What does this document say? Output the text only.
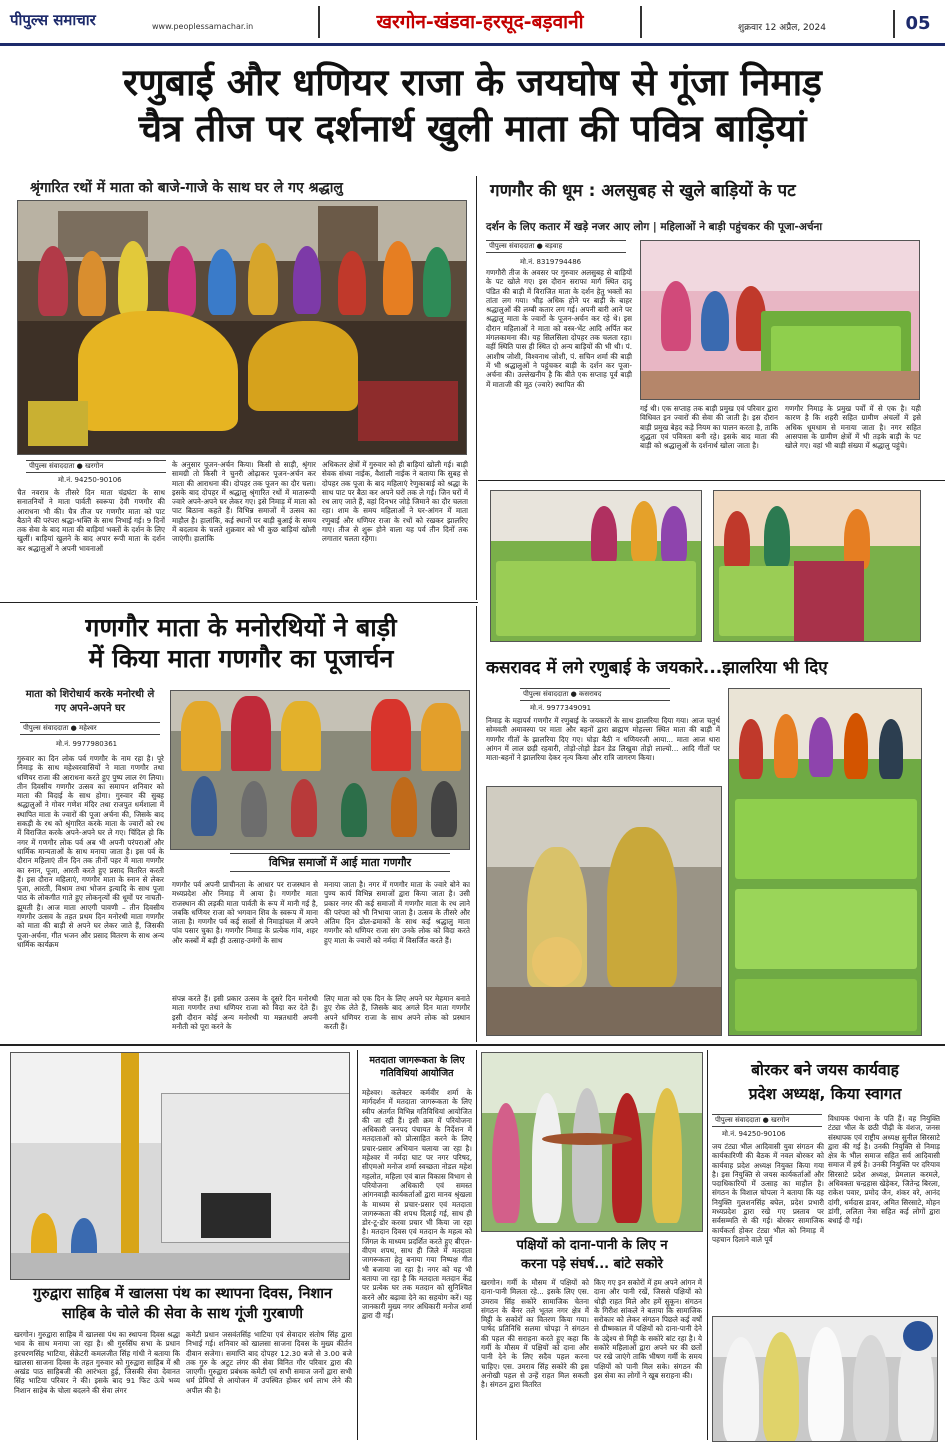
पीपुल्स समाचार	www.peoplessamachar.in	खरगोन-खंडवा-हरसूद-बड़वानी	शुक्रवार 12 अप्रैल, 2024	05
रणुबाई और धणियर राजा के जयघोष से गूंजा निमाड़
चैत्र तीज पर दर्शनार्थ खुली माता की पवित्र बाड़ियां
श्रृंगारित रथों में माता को बाजे-गाजे के साथ घर ले गए श्रद्धालु
पीपुल्स संवाददाता ● खरगोन
मो.नं. 94250-90106
चैत नवरात्र के तीसरे दिन माता चंद्रघंटा के साथ सनातनियों ने माता पार्वती स्वरूपा देवी गणगौर की आराधना भी की। चैत्र तीज पर गणगौर माता को पाट बैठाने की परंपरा श्रद्धा-भक्ति के साथ निभाई गई। 9 दिनों तक सेवा के बाद माता की बाड़ियां भक्तों के दर्शन के लिए खुलीं। बाड़ियां खुलने के बाद अपार रूपी माता के दर्शन कर श्रद्धालुओं ने अपनी भावनाओं
के अनुसार पूजन-अर्चन किया। किसी से साड़ी, श्रृंगार सामग्री तो किसी ने चुनरी ओढ़ाकर पूजन-अर्चन कर माता की आराधना की। दोपहर तक पूजन का दौर चला। इसके बाद दोपहर में श्रद्धालु श्रृंगारित रथों में मातारूपी ज्वारे अपने-अपने घर लेकर गए। इसे निमाड़ में माता को पाट बिठाना कहते हैं। विभिन्न समाजों में उत्सव का माहौल है। हालांकि, कई स्थानों पर बाड़ी बुआई के समय में बदलाव के चलते शुक्रवार को भी कुछ बाड़ियां खोली जाएंगी। हालांकि
अधिकतर क्षेत्रों में गुरुवार को ही बाड़ियां खोली गई। बाड़ी सेवक संध्या नाईक, वैशाली नाईक ने बताया कि सुबह से दोपहर तक पूजा के बाद महिलाएं रेणुकाबाई को श्रद्धा के साथ पाट पर बैठा कर अपने घरों तक ले गई। जिन घरों में रथ लाए जाते हैं, वहां दिनभर जोड़े जिमाने का दौर चलता रहा। शाम के समय महिलाओं ने घर-आंगन में माता रणुबाई और धणियर राजा के रथों को रखकर झालरिए गाए। तीज से शुरू होने वाला यह पर्व तीन दिनों तक लगातार चलता रहेगा।
गणगौर की धूम : अलसुबह से खुले बाड़ियों के पट
दर्शन के लिए कतार में खड़े नजर आए लोग | महिलाओं ने बाड़ी पहुंचकर की पूजा-अर्चना
पीपुल्स संवाददाता ● बड़वाह
मो.नं. 8319794486
गणगौरी तीज के अवसर पर गुरुवार अलसुबह से बाड़ियों के पट खोले गए। इस दौरान सराफा मार्ग स्थित दादू पंडित की बाड़ी में विराजित माता के दर्शन हेतु भक्तों का तांता लग गया। भीड़ अधिक होने पर बाड़ी के बाहर श्रद्धालुओं की लम्बी कतार लग गई। अपनी बारी आने पर श्रद्धालु माता के ज्वारों के पूजन-अर्चन कर रहे थे। इस दौरान महिलाओं ने माता को वस्त्र-भेंट आदि अर्पित कर मंगलकामना की। यह सिलसिला दोपहर तक चलता रहा। वहीं स्थिति पास ही स्थित दो अन्य बाड़ियों की भी थी। पं. आशीष जोशी, विश्वनाथ जोशी, पं. सचिन शर्मा की बाड़ी में भी श्रद्धालुओं ने पहुंचकर बाड़ी के दर्शन कर पूजा-अर्चना की। उल्लेखनीय है कि बीते एक सप्ताह पूर्व बाड़ी में माताजी की मूठ (ज्वारे) स्थापित की
गई थी। एक सप्ताह तक बाड़ी प्रमुख एवं परिवार द्वारा विधिवत इन ज्वारों की सेवा की जाती है। इस दौरान बाड़ी प्रमुख बेहद कड़े नियम का पालन करता है, ताकि शुद्धता एवं पवित्रता बनी रहे। इसके बाद माता की बाड़ी को श्रद्धालुओं के दर्शनार्थ खोला जाता है।
गणगौर निमाड़ के प्रमुख पर्वों में से एक है। यही कारण है कि शहरी सहित ग्रामीण अंचलों में इसे अधिक धूमधाम से मनाया जाता है। नगर सहित आसपास के ग्रामीण क्षेत्रों में भी तड़के बाड़ी के पट खोले गए। वहां भी बाड़ी संख्या में श्रद्धालु पहुंचे।
कसरावद में लगे रणुबाई के जयकारे...झालरिया भी दिए
गणगौर माता के मनोरथियों ने बाड़ी
में किया माता गणगौर का पूजार्चन
माता को शिरोधार्य करके मनोरथी ले गए अपने-अपने घर
पीपुल्स संवाददाता ● महेश्वर
मो.नं. 9977980361
गुरुवार का दिन लोक पर्व गणगौर के नाम रहा है। पूरे निमाड़ के साथ महेश्वरवासियों ने माता गणगौर तथा धणियर राजा की आराधना करते हुए पुष्प लाल रंग लिया। तीन दिवसीय गणगौर उत्सव का समापन शनिवार को माता की विदाई के साथ होगा। गुरुवार की सुबह श्रद्धालुओं ने गोवर गणेश मंदिर तथा राजपुत धर्मशाला में स्थापित माता के ज्वारों की पूजा अर्चना की, जिसके बाद सकड़ी के रथ को श्रृंगारित करके माता के ज्वारों को रथ में विराजित करके अपने-अपने घर ले गए। चिंदिल हो कि नगर में गणगौर लोक पर्व अब भी अपनी परंपराओं और धार्मिक मान्यताओं के साथ मनाया जाता है। इस पर्व के दौरान महिलाएं तीन दिन तक तीनों पहर में माता गणगौर का स्नान, पूजा, आरती करते हुए प्रसाद वितरित करती हैं। इस दौरान महिलाएं, गणगौर माता के स्नान से लेकर पूजा, आरती, विश्राम तथा भोजन इत्यादि के साथ पूजा पाठ के लोकगीत गाते हुए लोकनृत्यों की धूमों पर नाचती-झूमती है। आज माता आएगी पावणी – तीन दिवसीय गणगौर उत्सव के तहत प्रथम दिन मनोरथी माता गणगौर को माता की बाड़ी से अपने घर लेकर जाते हैं, जिसकी पूजा-अर्चना, गीत भजन और प्रसाद वितरण के साथ अन्य धार्मिक कार्यक्रम
विभिन्न समाजों में आई माता गणगौर
गणगौर पर्व अपनी प्राचीनता के आधार पर राजस्थान से मध्यप्रदेश और निमाड़ में आया है। गणगौर माता राजस्थान की लड़की माता पार्वती के रूप में मानी गई है, जबकि धणियर राजा को भगवान शिव के स्वरूप में माना जाता है। गणगौर पर्व कई सालों से निमाड़ांचल में अपने पांव पसार चुका है। गणगौर निमाड़ के प्रत्येक गांव, शहर और कस्बों में बड़ी ही उत्साह-उमंगों के साथ
मनाया जाता है। नगर में गणगौर माता के ज्वारे बोने का पुण्य कार्य विभिन्न समाजों द्वारा किया जाता है। उसी प्रकार नगर की कई समाजों में गणगौर माता के रथ लाने की परंपरा को भी निभाया जाता है। उत्सव के तीसरे और अंतिम दिन ढोल-ढमाकों के साथ कई श्रद्धालु माता गणगौर को धणियर राजा संग उनके लोक को विदा करते हुए माता के ज्वारों को नर्मदा में विसर्जित करते हैं।
संपन्न करते हैं। इसी प्रकार उत्सव के दूसरे दिन मनोरथी माता गणगौर तथा धणियर राजा को विदा कर देते हैं। इसी दौरान कोई अन्य मनोरथी या मन्नतधारी अपनी मनौती को पूरा करने के
लिए माता को एक दिन के लिए अपने घर मेहमान बनाते हुए रोक लेते हैं, जिसके बाद अगले दिन माता गणगौर अपने धणियर राजा के साथ अपने लोक को प्रस्थान करती हैं।
पीपुल्स संवाददाता ● कसरावद
मो.नं. 9977349091
निमाड़ के महापर्व गणगौर में रणुबाई के जयकारों के साथ झालरिया दिया गया। आज चतुर्थ सोमवती अमावस्या पर माता और बहनों द्वारा ब्राह्मण मोहल्ला स्थित माता की बाड़ी में गणगौर गीतों के झालरिया दिए गए। घोड़ा बैठी न धणियरजी आया... माता आज थारा आंगन में लाल छड़ी रहवारी, तोड़ो-तोड़ो डेडन डेड लिखुवा तोड़ो लाल्यो... आदि गीतों पर माता-बहनों ने झालरिया देकर नृत्य किया और रात्रि जागरण किया।
गुरुद्वारा साहिब में खालसा पंथ का स्थापना दिवस, निशान
साहिब के चोले की सेवा के साथ गूंजी गुरबाणी
खरगोन। गुरुद्वारा साहिब में खालसा पंथ का स्थापना दिवस श्रद्धा भाव के साथ मनाया जा रहा है। श्री गुरुसिंघ सभा के प्रधान हरचरणसिंह भाटिया, सेक्रेटरी कमलजीत सिंह गांधी ने बताया कि खालसा साजना दिवस के तहत गुरुवार को गुरुद्वारा साहिब में श्री अखंड पाठ साहिबजी की आरंभता हुई, जिसकी सेवा देवानत सिंह भाटिया परिवार ने की। इसके बाद 91 फिट ऊंचे भव्य निशान साहेब के चोला बदलने की सेवा लंगर
कमेटी प्रधान जसवंतसिंह भाटिया एवं सेवादार संतोष सिंह द्वारा निभाई गई। शनिवार को खालसा साजना दिवस के मुख्य कीर्तन दीवान सजेगा। समाप्ति बाद दोपहर 12.30 बजे से 3.00 बजे तक गुरु के अटूट लंगर की सेवा विनित गौर परिवार द्वारा की जाएगी। गुरुद्वारा प्रबंधक कमेटी एवं सभी समाज जनों द्वारा सभी धर्म प्रेमियों से आयोजन में उपस्थित होकर धर्म लाभ लेने की अपील की है।
मतदाता जागरूकता के लिए
गतिविधियां आयोजित
महेश्वर। कलेक्टर कर्मवीर शर्मा के मार्गदर्शन में मतदाता जागरूकता के लिए स्वीप अंतर्गत विभिन्न गतिविधियां आयोजित की जा रही हैं। इसी क्रम में परियोजना अधिकारी जनपद पंचायत के निर्देशन में मतदाताओं को प्रोत्साहित करने के लिए प्रचार-प्रसार अभियान चलाया जा रहा है। महेश्वर में नर्मदा घाट पर नगर परिषद, सीएमओ मनोज शर्मा स्वच्छता नोडल महेश गहलोत, महिला एवं बाल विकास विभाग से परियोजना अधिकारी एवं समस्त आंगनवाड़ी कार्यकर्ताओं द्वारा मानव श्रृंखला के माध्यम से प्रचार-प्रसार एवं मतदाता जागरूकता की शपथ दिलाई गई, साथ ही डोर-टू-डोर करवा प्रचार भी किया जा रहा है। मतदान दिवस एवं मतदान के महत्व को जिंगल के माध्यम प्रदर्शित करते हुए बीएल-वीएम शपथ, साथ ही जिले में मतदाता जागरूकता हेतु बनाया गया निष्पक्ष गीत भी बजाया जा रहा है। नगर को यह भी बताया जा रहा है कि मतदाता मतदान केंद्र पर प्रत्येक घर तक मतदान को सुनिश्चित करने और बढ़ावा देने का सहयोग करें। यह जानकारी मुख्य नगर अधिकारी मनोज शर्मा द्वारा दी गई।
पक्षियों को दाना-पानी के लिए न
करना पड़े संघर्ष... बांटे सकोरे
खरगोन। गर्मी के मौसम में पक्षियों को दाना-पानी मिलता रहे... इसके लिए एस. उमराव सिंह सकोरे सामाजिक चेतना संगठन के बैनर तले भूतल नगर क्षेत्र में मिट्टी के सकोरों का वितरण किया गया। पार्षद प्रतिनिधि सलमा चोपड़ा ने संगठन की पहल की सराहना करते हुए कहा कि गर्मी के मौसम में पक्षियों को दाना और पानी देने के लिए सदैव पहल करना चाहिए। एस. उमराव सिंह सकोरे की इस अनोखी पहल से उन्हें राहत मिल सकती है। संगठन द्वारा वितरित
किए गए इन सकोरों में हम अपने आंगन में दाना और पानी रखें, जिससे पक्षियों को थोड़ी राहत मिले और हमें सुकून। संगठन के गिरीश सांकले ने बताया कि सामाजिक सरोकार को लेकर संगठन पिछले कई वर्षों से ग्रीष्मकाल में पक्षियों को दाना-पानी देने के उद्देश्य से मिट्टी के सकोरे बांट रहा है। ये सकोरे महिलाओं द्वारा अपने घर की छतों पर रखे जाएंगे ताकि भीषण गर्मी के समय पक्षियों को पानी मिल सके। संगठन की इस सेवा का लोगों ने खूब सराहना की।
बोरकर बने जयस कार्यवाह
प्रदेश अध्यक्ष, किया स्वागत
पीपुल्स संवाददाता ● खरगोन
मो.नं. 94250-90106
जय टंट्या भील आदिवासी युवा संगठन की कार्यकारिणी की बैठक में नवल बोरकर को कार्यवाह प्रदेश अध्यक्ष नियुक्त किया गया है। इस नियुक्ति से जयस कार्यकर्ताओं और पदाधिकारियों में उत्साह का माहौल है। संगठन के विशाल चोपला ने बताया कि यह नियुक्ति गुलशनसिंह बघेल, प्रदेश प्रभारी मध्यप्रदेश द्वारा रखे गए प्रस्ताव पर सर्वसम्मति से की गई। बोरकर सामाजिक कार्यकर्ता होकर टंट्या भील को निमाड़ में पहचान दिलाने वाले पूर्व
विधायक पंथाना के पति हैं। वह नियुक्ति टंट्या भील के छठी पीढ़ी के वंशज, जनस संस्थापक एवं राष्ट्रीय अध्यक्ष सुनील सिरसाटे द्वारा की गई है। उनकी नियुक्ति से निमाड़ क्षेत्र के भील समाज सहित सर्व आदिवासी समाज में हर्ष है। उनकी नियुक्ति पर दरियाव सिरसाटे प्रदेश अध्यक्ष, प्रेमलाल करमले, अधिवक्ता चन्द्रहास खेड़ेकर, जितेन्द्र बिरला, राकेश पवार, प्रमोद जैन, शंकर वरे, आनंद दांगी, धर्मदास डावर, अमित सिरसाटे, मोहन डांगी, ललिता नेत्रा सहित कई लोगों द्वारा बधाई दी गई।
